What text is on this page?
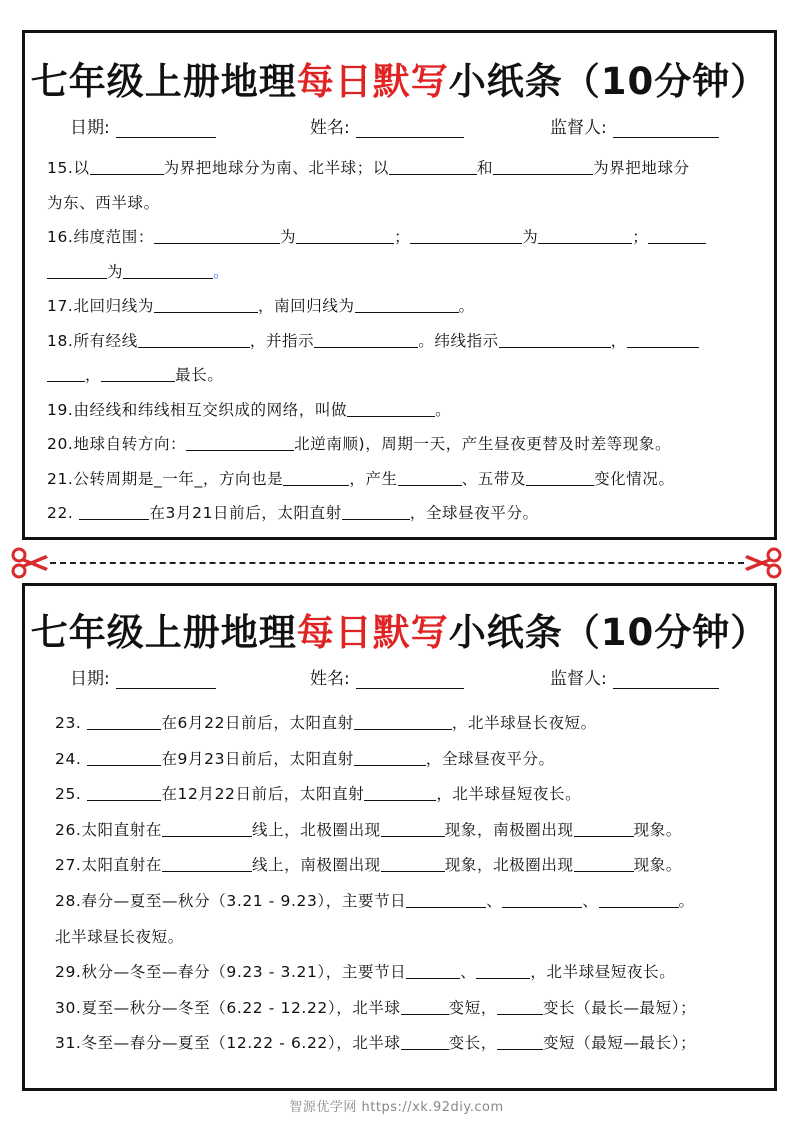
七年级上册地理每日默写小纸条（10分钟）
日期:	姓名:	监督人:
15.以	为界把地球分为南、北半球；以	和	为界把地球分
为东、西半球。
16.纬度范围：	为	；	为	；
为	。
17.北回归线为	，南回归线为	。
18.所有经线	，并指示	。纬线指示	，
，	最长。
19.由经线和纬线相互交织成的网络，叫做	。
20.地球自转方向：	北逆南顺)，周期一天，产生昼夜更替及时差等现象。
21.公转周期是_一年_，方向也是	，产生	、五带及	变化情况。
22.	在3月21日前后，太阳直射	，全球昼夜平分。
七年级上册地理每日默写小纸条（10分钟）
日期:	姓名:	监督人:
23.	在6月22日前后，太阳直射	，北半球昼长夜短。
24.	在9月23日前后，太阳直射	，全球昼夜平分。
25.	在12月22日前后，太阳直射	，北半球昼短夜长。
26.太阳直射在	线上，北极圈出现	现象，南极圈出现	现象。
27.太阳直射在	线上，南极圈出现	现象，北极圈出现	现象。
28.春分—夏至—秋分（3.21 - 9.23），主要节日	、	、	。
北半球昼长夜短。
29.秋分—冬至—春分（9.23 - 3.21），主要节日	、	，北半球昼短夜长。
30.夏至—秋分—冬至（6.22 - 12.22），北半球	变短，	变长（最长—最短）；
31.冬至—春分—夏至（12.22 - 6.22），北半球	变长，	变短（最短—最长）；
智源优学网 https://xk.92diy.com
